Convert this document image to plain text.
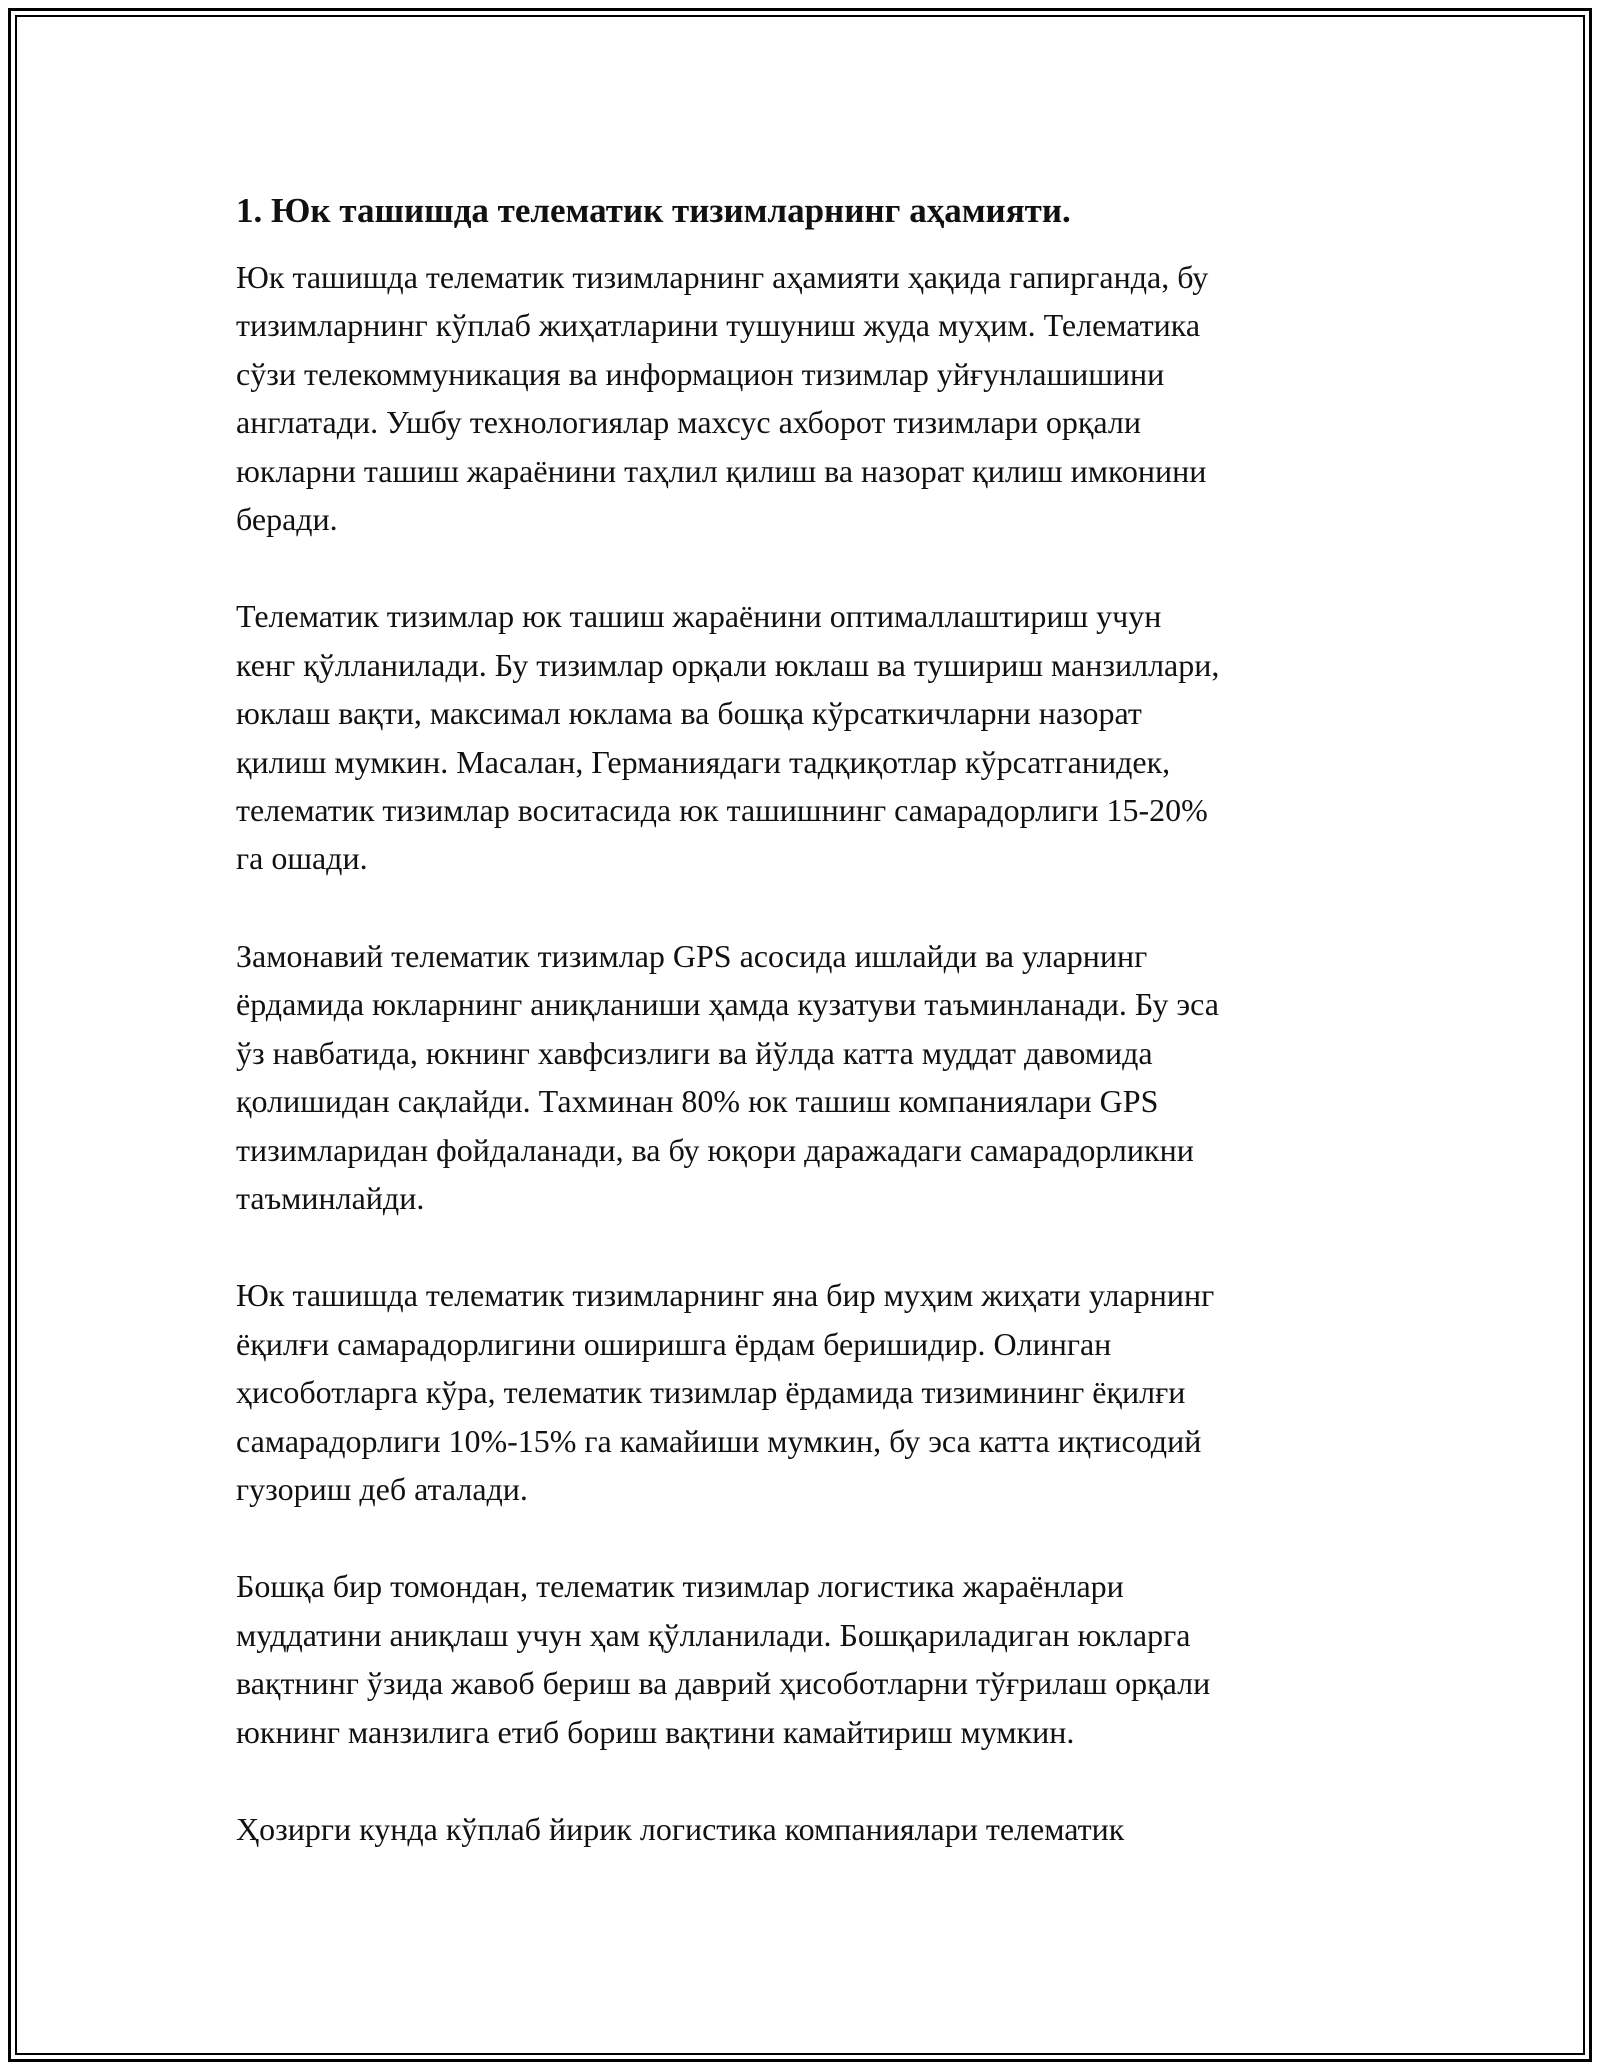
1. Юк ташишда телематик тизимларнинг аҳамияти.

Юк ташишда телематик тизимларнинг аҳамияти ҳақида гапирганда, бу
тизимларнинг кўплаб жиҳатларини тушуниш жуда муҳим. Телематика
сўзи телекоммуникация ва информацион тизимлар уйғунлашишини
англатади. Ушбу технологиялар махсус ахборот тизимлари орқали
юкларни ташиш жараёнини таҳлил қилиш ва назорат қилиш имконини
беради.

Телематик тизимлар юк ташиш жараёнини оптималлаштириш учун
кенг қўлланилади. Бу тизимлар орқали юклаш ва тушириш манзиллари,
юклаш вақти, максимал юклама ва бошқа кўрсаткичларни назорат
қилиш мумкин. Масалан, Германиядаги тадқиқотлар кўрсатганидек,
телематик тизимлар воситасида юк ташишнинг самарадорлиги 15-20%
га ошади.

Замонавий телематик тизимлар GPS асосида ишлайди ва уларнинг
ёрдамида юкларнинг аниқланиши ҳамда кузатуви таъминланади. Бу эса
ўз навбатида, юкнинг хавфсизлиги ва йўлда катта муддат давомида
қолишидан сақлайди. Тахминан 80% юк ташиш компаниялари GPS
тизимларидан фойдаланади, ва бу юқори даражадаги самарадорликни
таъминлайди.

Юк ташишда телематик тизимларнинг яна бир муҳим жиҳати уларнинг
ёқилғи самарадорлигини оширишга ёрдам беришидир. Олинган
ҳисоботларга кўра, телематик тизимлар ёрдамида тизимининг ёқилғи
самарадорлиги 10%-15% га камайиши мумкин, бу эса катта иқтисодий
гузориш деб аталади.

Бошқа бир томондан, телематик тизимлар логистика жараёнлари
муддатини аниқлаш учун ҳам қўлланилади. Бошқариладиган юкларга
вақтнинг ўзида жавоб бериш ва даврий ҳисоботларни тўғрилаш орқали
юкнинг манзилига етиб бориш вақтини камайтириш мумкин.

Ҳозирги кунда кўплаб йирик логистика компаниялари телематик
